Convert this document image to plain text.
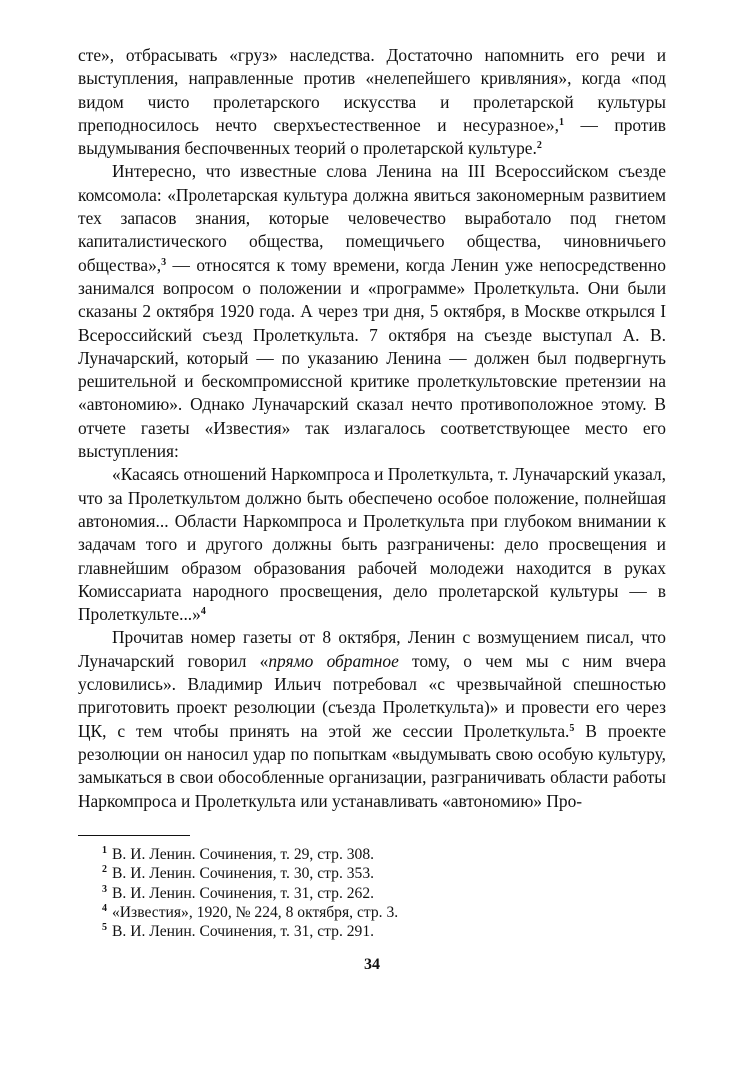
сте», отбрасывать «груз» наследства. Достаточно напомнить его речи и выступления, направленные против «нелепейшего кривляния», когда «под видом чисто пролетарского искусства и пролетарской культуры преподносилось нечто сверхъестественное и несуразное»,$^1$ — против выдумывания беспочвенных теорий о пролетарской культуре.$^2$

Интересно, что известные слова Ленина на III Всероссийском съезде комсомола: «Пролетарская культура должна явиться закономерным развитием тех запасов знания, которые человечество выработало под гнетом капиталистического общества, помещичьего общества, чиновничьего общества»,$^3$ — относятся к тому времени, когда Ленин уже непосредственно занимался вопросом о положении и «программе» Пролеткульта. Они были сказаны 2 октября 1920 года. А через три дня, 5 октября, в Москве открылся I Всероссийский съезд Пролеткульта. 7 октября на съезде выступал А. В. Луначарский, который — по указанию Ленина — должен был подвергнуть решительной и бескомпромиссной критике пролеткультовские претензии на «автономию». Однако Луначарский сказал нечто противоположное этому. В отчете газеты «Известия» так излагалось соответствующее место его выступления:

«Касаясь отношений Наркомпроса и Пролеткульта, т. Луначарский указал, что за Пролеткультом должно быть обеспечено особое положение, полнейшая автономия... Области Наркомпроса и Пролеткульта при глубоком внимании к задачам того и другого должны быть разграничены: дело просвещения и главнейшим образом образования рабочей молодежи находится в руках Комиссариата народного просвещения, дело пролетарской культуры — в Пролеткульте...»$^4$

Прочитав номер газеты от 8 октября, Ленин с возмущением писал, что Луначарский говорил «прямо обратное тому, о чем мы с ним вчера условились». Владимир Ильич потребовал «с чрезвычайной спешностью приготовить проект резолюции (съезда Пролеткульта)» и провести его через ЦК, с тем чтобы принять на этой же сессии Пролеткульта.$^5$ В проекте резолюции он наносил удар по попыткам «выдумывать свою особую культуру, замыкаться в свои обособленные организации, разграничивать области работы Наркомпроса и Пролеткульта или устанавливать «автономию» Про-

1 В. И. Ленин. Сочинения, т. 29, стр. 308.
2 В. И. Ленин. Сочинения, т. 30, стр. 353.
3 В. И. Ленин. Сочинения, т. 31, стр. 262.
4 «Известия», 1920, № 224, 8 октября, стр. 3.
5 В. И. Ленин. Сочинения, т. 31, стр. 291.
34
